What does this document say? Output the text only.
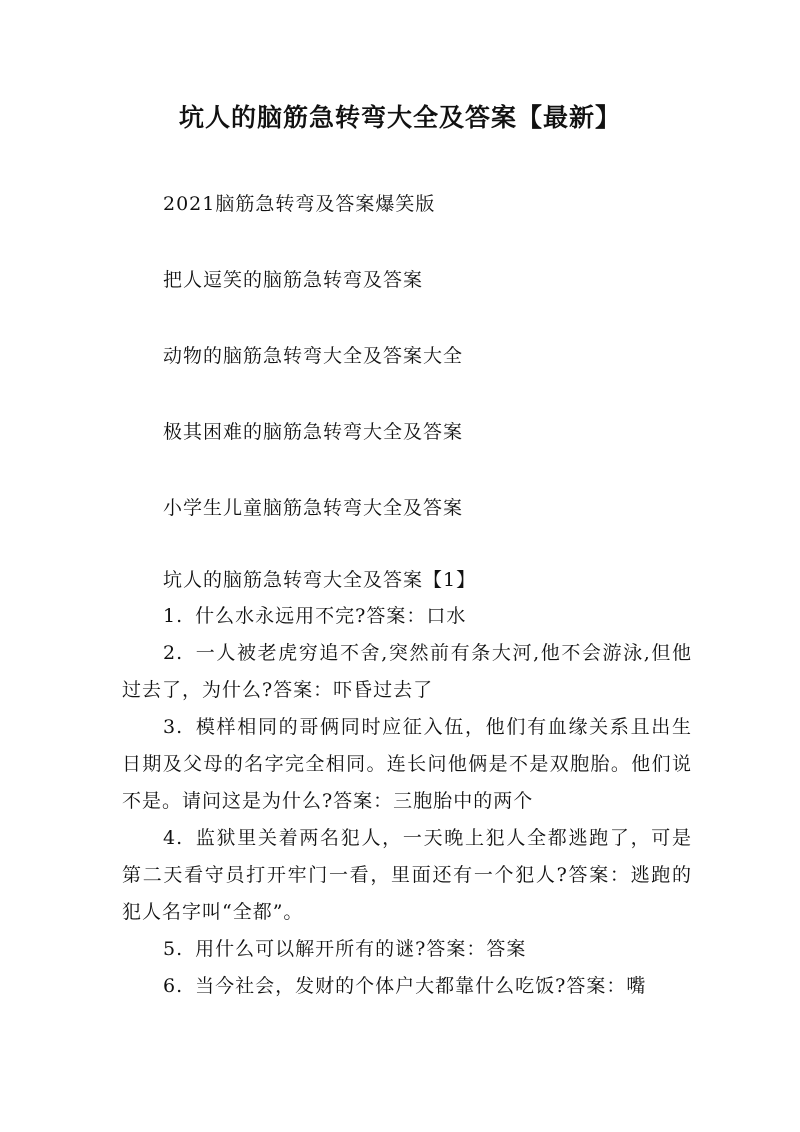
坑人的脑筋急转弯大全及答案【最新】
2021脑筋急转弯及答案爆笑版
把人逗笑的脑筋急转弯及答案
动物的脑筋急转弯大全及答案大全
极其困难的脑筋急转弯大全及答案
小学生儿童脑筋急转弯大全及答案
坑人的脑筋急转弯大全及答案【1】

1. 什么水永远用不完?答案：口水

2. 一人被老虎穷追不舍,突然前有条大河,他不会游泳,但他过去了，为什么?答案：吓昏过去了

3. 模样相同的哥俩同时应征入伍，他们有血缘关系且出生日期及父母的名字完全相同。连长问他俩是不是双胞胎。他们说不是。请问这是为什么?答案：三胞胎中的两个

4. 监狱里关着两名犯人，一天晚上犯人全都逃跑了，可是第二天看守员打开牢门一看，里面还有一个犯人?答案：逃跑的犯人名字叫“全都”。

5. 用什么可以解开所有的谜?答案：答案

6. 当今社会，发财的个体户大都靠什么吃饭?答案：嘴
